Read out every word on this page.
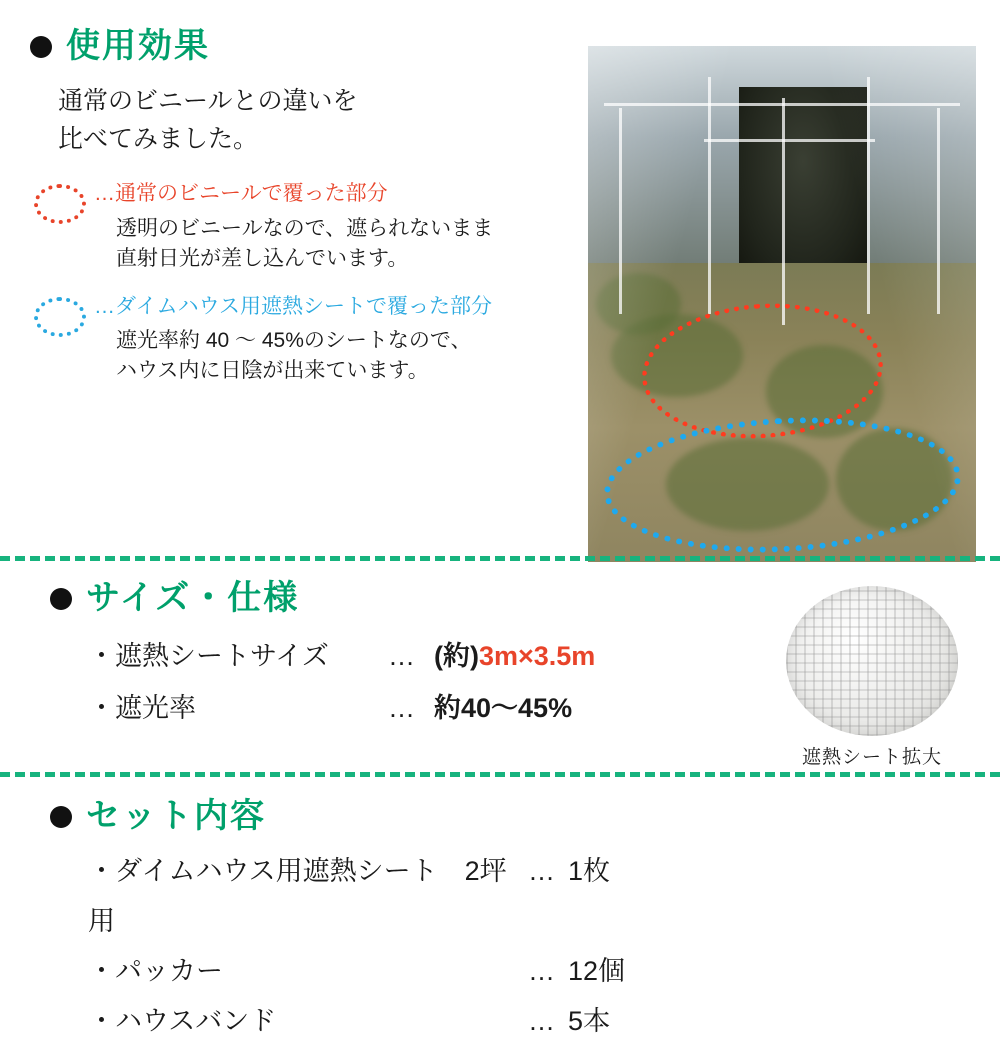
使用効果
通常のビニールとの違いを
比べてみました。
…通常のビニールで覆った部分
透明のビニールなので、遮られないまま
直射日光が差し込んでいます。
…ダイムハウス用遮熱シートで覆った部分
遮光率約 40 〜 45%のシートなので、
ハウス内に日陰が出来ています。
サイズ・仕様
・遮熱シートサイズ	… (約)3m×3.5m
・遮光率	… 約40〜45%
遮熱シート拡大
セット内容
・ダイムハウス用遮熱シート　2坪用
… 1枚
・パッカー	… 12個
・ハウスバンド	… 5本
